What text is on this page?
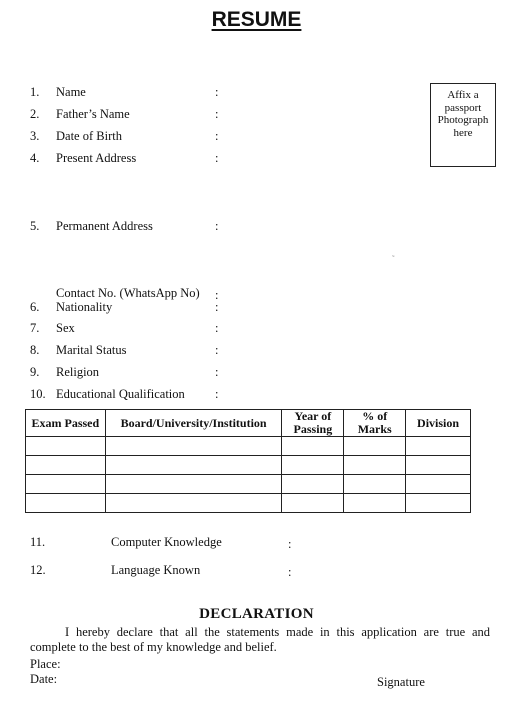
RESUME
1. Name	:
2. Father’s Name	:
3. Date of Birth	:
4. Present Address	:
Affix a
passport
Photograph
here
5. Permanent Address	:
˜
Contact No. (WhatsApp No) :
6. Nationality	:
7. Sex	:
8. Marital Status	:
9. Religion	:
10. Educational Qualification :
Exam Passed	Board/University/Institution	Year of Passing	% of Marks	Division

11.	Computer Knowledge	:
12.	Language Known	:
DECLARATION
I hereby declare that all the statements made in this application are true and complete to the best of my knowledge and belief.
Place:
Date:	Signature
